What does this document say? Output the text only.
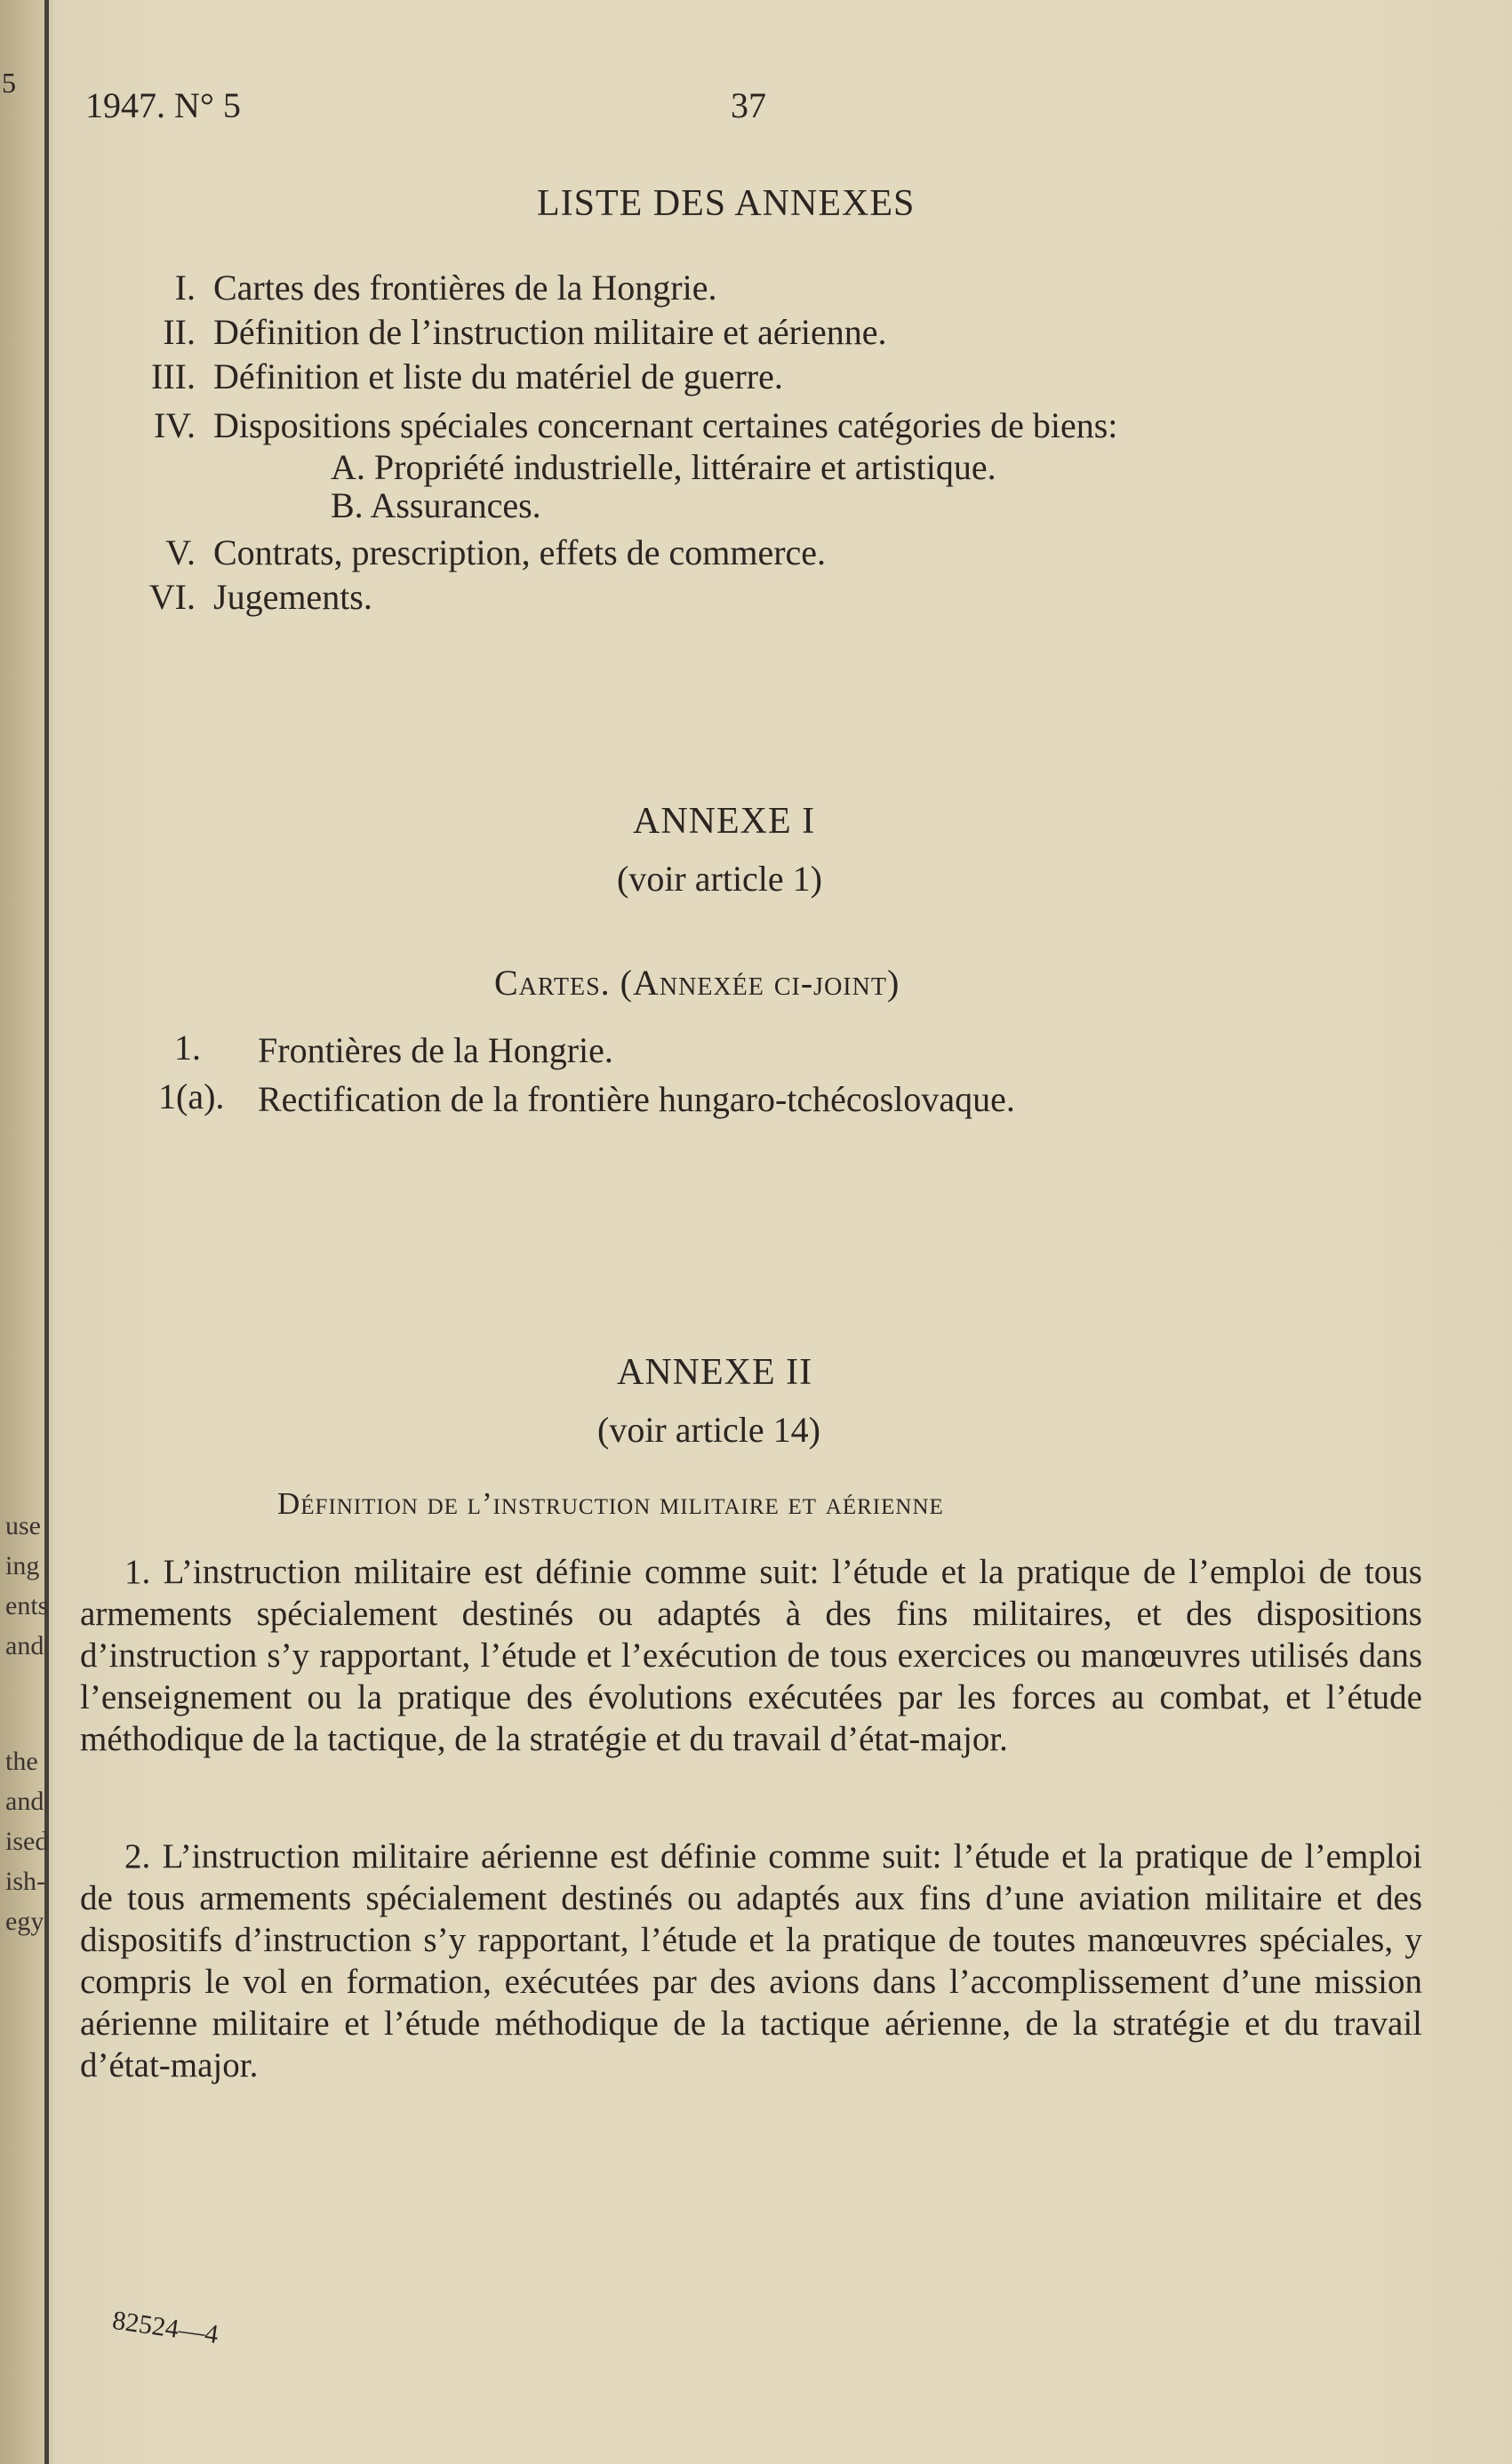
5
1947. N° 5	37
LISTE DES ANNEXES
I. Cartes des frontières de la Hongrie.
II. Définition de l’instruction militaire et aérienne.
III. Définition et liste du matériel de guerre.
IV. Dispositions spéciales concernant certaines catégories de biens:
A. Propriété industrielle, littéraire et artistique.
B. Assurances.
V. Contrats, prescription, effets de commerce.
VI. Jugements.
ANNEXE I
(voir article 1)
Cartes. (Annexée ci-joint)
1. Frontières de la Hongrie.
1(a). Rectification de la frontière hungaro-tchécoslovaque.
ANNEXE II
(voir article 14)
Définition de l’instruction militaire et aérienne
1. L’instruction militaire est définie comme suit: l’étude et la pratique de l’emploi de tous armements spécialement destinés ou adaptés à des fins militaires, et des dispositions d’instruction s’y rapportant, l’étude et l’exécution de tous exercices ou manœuvres utilisés dans l’enseignement ou la pratique des évolutions exécutées par les forces au combat, et l’étude méthodique de la tactique, de la stratégie et du travail d’état-major.
2. L’instruction militaire aérienne est définie comme suit: l’étude et la pratique de l’emploi de tous armements spécialement destinés ou adaptés aux fins d’une aviation militaire et des dispositifs d’instruction s’y rapportant, l’étude et la pratique de toutes manœuvres spéciales, y compris le vol en formation, exécutées par des avions dans l’accomplissement d’une mission aérienne militaire et l’étude méthodique de la tactique aérienne, de la stratégie et du travail d’état-major.
use
ing
ents
and
the
and
ised
ish-
egy
82524—4
